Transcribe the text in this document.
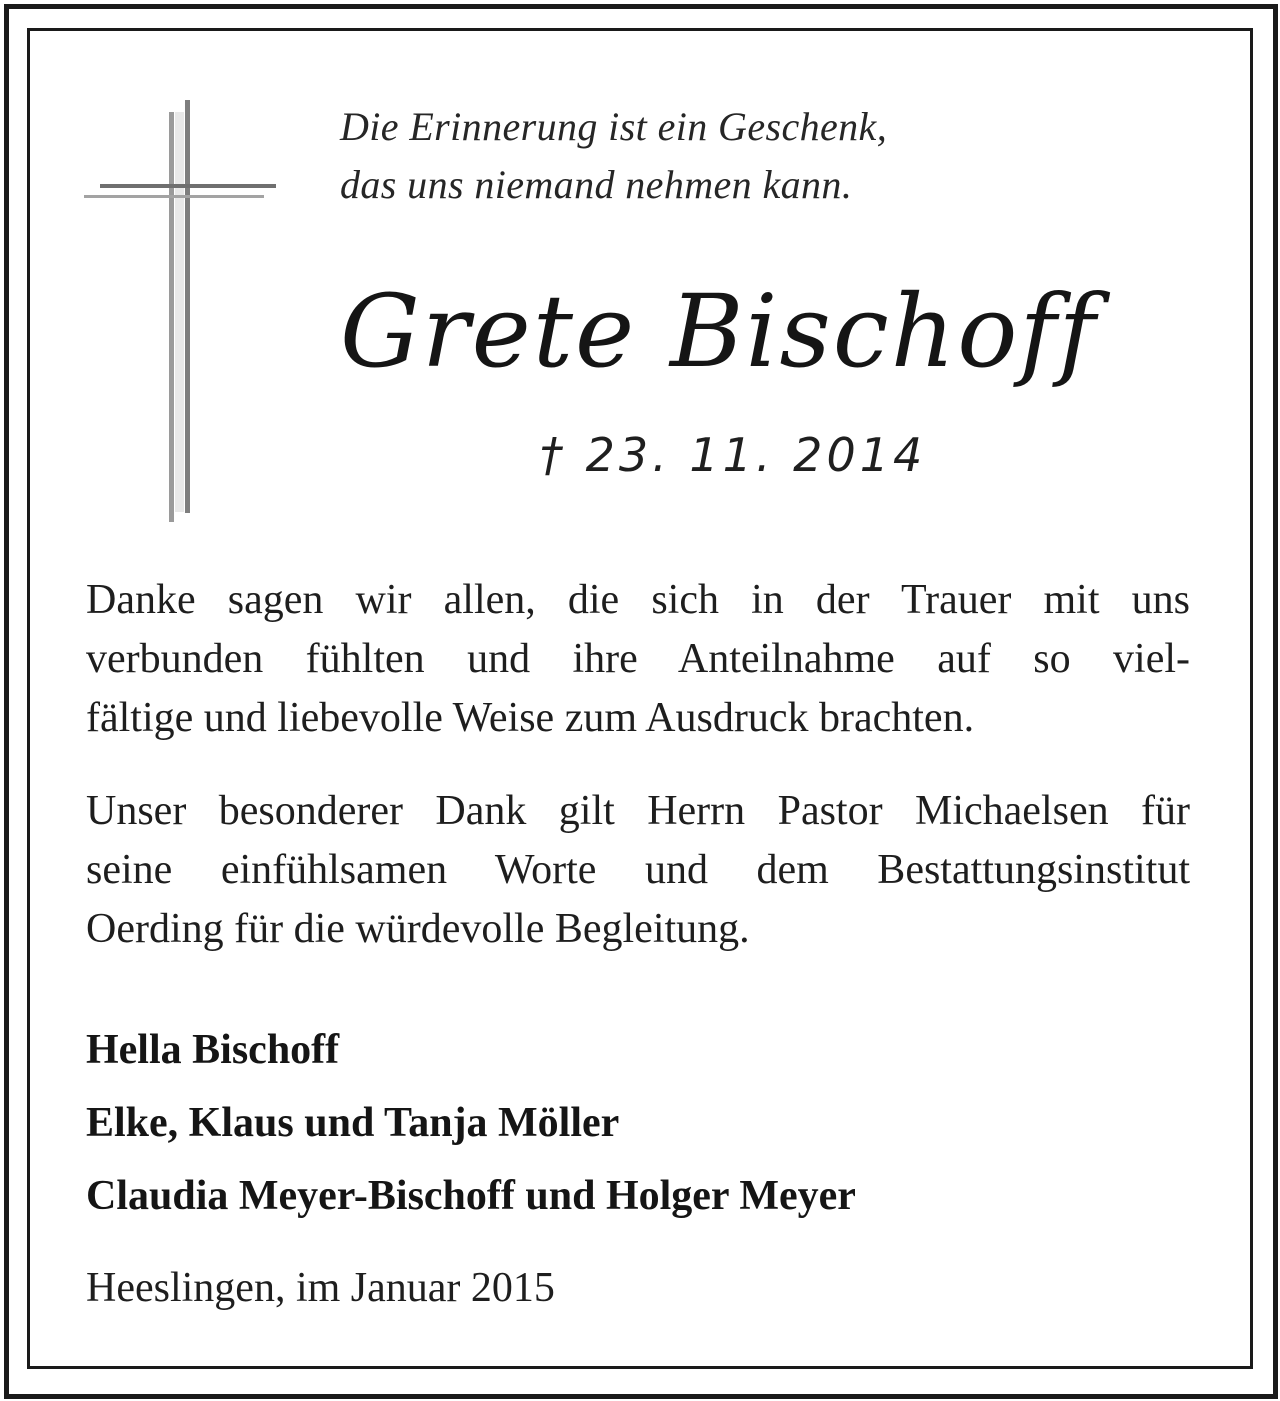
Die Erinnerung ist ein Geschenk,
das uns niemand nehmen kann.
Grete Bischoff
† 23. 11. 2014
Danke sagen wir allen, die sich in der Trauer mit uns
verbunden fühlten und ihre Anteilnahme auf so viel-
fältige und liebevolle Weise zum Ausdruck brachten.
Unser besonderer Dank gilt Herrn Pastor Michaelsen für
seine einfühlsamen Worte und dem Bestattungsinstitut
Oerding für die würdevolle Begleitung.
Hella Bischoff
Elke, Klaus und Tanja Möller
Claudia Meyer-Bischoff und Holger Meyer
Heeslingen, im Januar 2015
